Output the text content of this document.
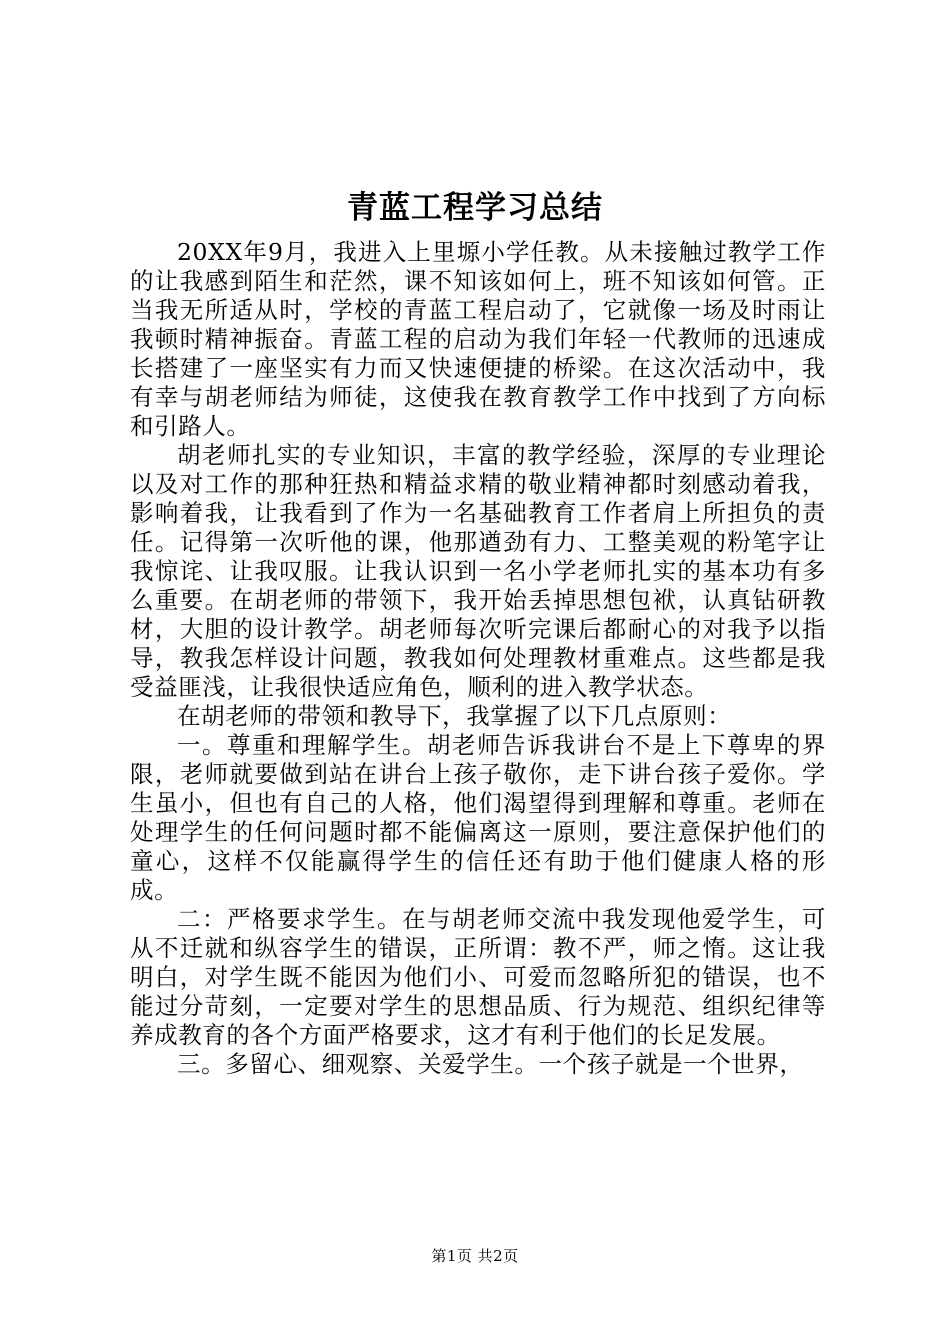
青蓝工程学习总结

20XX年9月，我进入上里塬小学任教。从未接触过教学工作的让我感到陌生和茫然，课不知该如何上，班不知该如何管。正当我无所适从时，学校的青蓝工程启动了，它就像一场及时雨让我顿时精神振奋。青蓝工程的启动为我们年轻一代教师的迅速成长搭建了一座坚实有力而又快速便捷的桥梁。在这次活动中，我有幸与胡老师结为师徒，这使我在教育教学工作中找到了方向标和引路人。

胡老师扎实的专业知识，丰富的教学经验，深厚的专业理论以及对工作的那种狂热和精益求精的敬业精神都时刻感动着我，影响着我，让我看到了作为一名基础教育工作者肩上所担负的责任。记得第一次听他的课，他那遒劲有力、工整美观的粉笔字让我惊诧、让我叹服。让我认识到一名小学老师扎实的基本功有多么重要。在胡老师的带领下，我开始丢掉思想包袱，认真钻研教材，大胆的设计教学。胡老师每次听完课后都耐心的对我予以指导，教我怎样设计问题，教我如何处理教材重难点。这些都是我受益匪浅，让我很快适应角色，顺利的进入教学状态。

在胡老师的带领和教导下，我掌握了以下几点原则：

一。尊重和理解学生。胡老师告诉我讲台不是上下尊卑的界限，老师就要做到站在讲台上孩子敬你，走下讲台孩子爱你。学生虽小，但也有自己的人格，他们渴望得到理解和尊重。老师在处理学生的任何问题时都不能偏离这一原则，要注意保护他们的童心，这样不仅能赢得学生的信任还有助于他们健康人格的形成。

二：严格要求学生。在与胡老师交流中我发现他爱学生，可从不迁就和纵容学生的错误，正所谓：教不严，师之惰。这让我明白，对学生既不能因为他们小、可爱而忽略所犯的错误，也不能过分苛刻，一定要对学生的思想品质、行为规范、组织纪律等养成教育的各个方面严格要求，这才有利于他们的长足发展。

三。多留心、细观察、关爱学生。一个孩子就是一个世界，

第1页 共2页
